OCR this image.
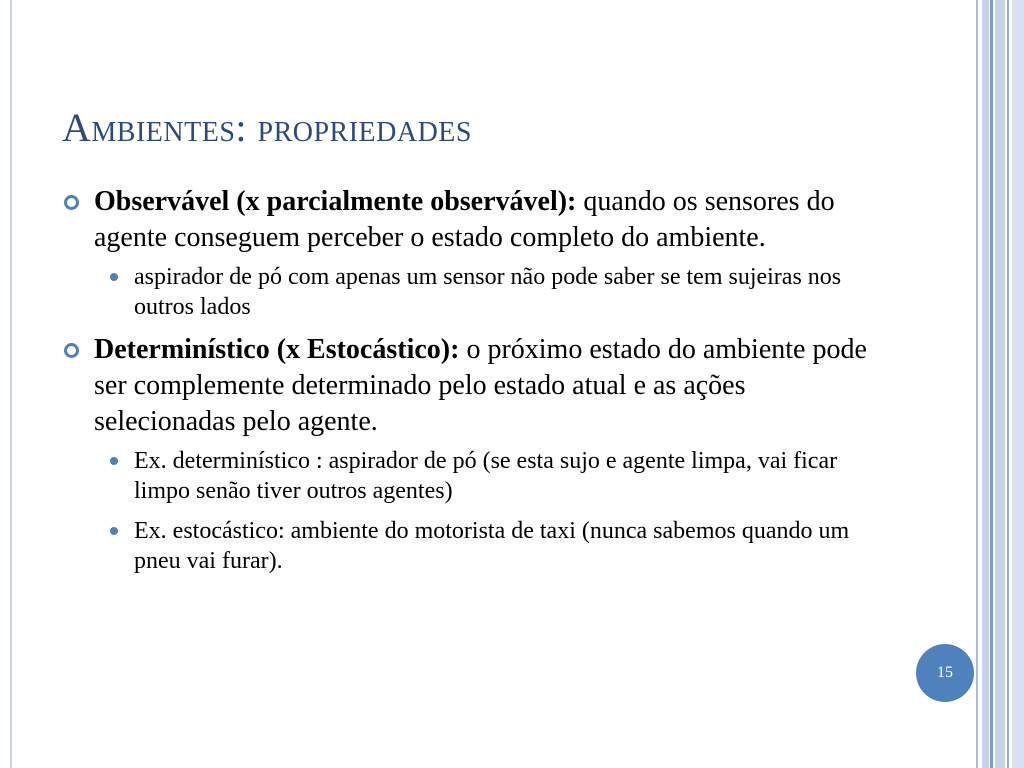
Ambientes: propriedades
Observável (x parcialmente observável): quando os sensores do agente conseguem perceber o estado completo do ambiente.
aspirador de pó com apenas um sensor não pode saber se tem sujeiras nos outros lados
Determinístico (x Estocástico): o próximo estado do ambiente pode ser complemente determinado pelo estado atual e as ações selecionadas pelo agente.
Ex. determinístico : aspirador de pó (se esta sujo e agente limpa, vai ficar limpo senão tiver outros agentes)
Ex. estocástico: ambiente do motorista de taxi (nunca sabemos quando um pneu vai furar).
15
